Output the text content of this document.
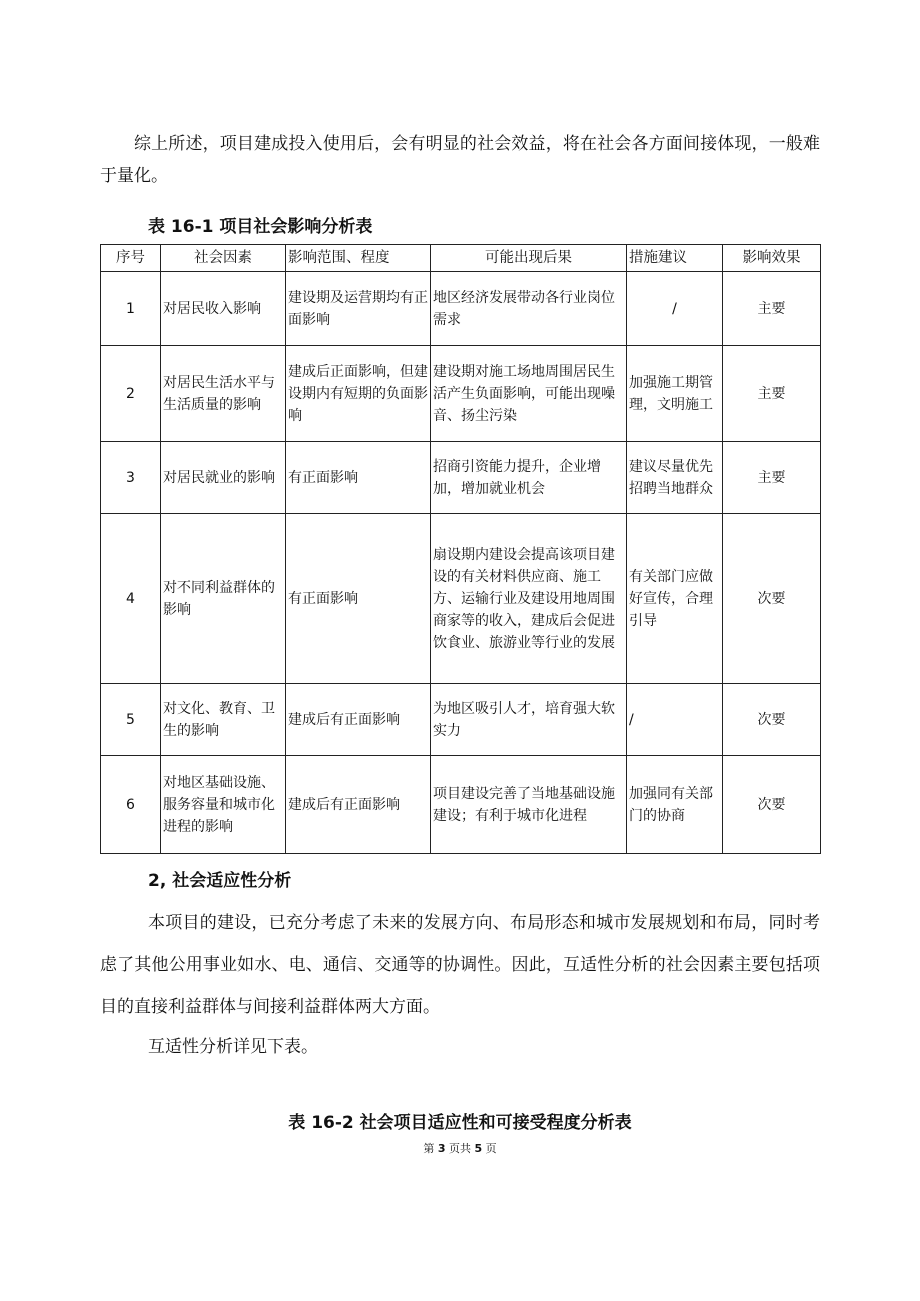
综上所述，项目建成投入使用后，会有明显的社会效益，将在社会各方面间接体现，一般难于量化。

表 16-1 项目社会影响分析表
序号	社会因素	影响范围、程度	可能出现后果	措施建议	影响效果
1	对居民收入影响	建设期及运营期均有正面影响	地区经济发展带动各行业岗位需求	/	主要
2	对居民生活水平与生活质量的影响	建成后正面影响，但建设期内有短期的负面影响	建设期对施工场地周围居民生活产生负面影响，可能出现噪音、扬尘污染	加强施工期管理，文明施工	主要
3	对居民就业的影响	有正面影响	招商引资能力提升，企业增加，增加就业机会	建议尽量优先招聘当地群众	主要
4	对不同利益群体的影响	有正面影响	扇设期内建设会提高该项目建设的有关材料供应商、施工方、运输行业及建设用地周围商家等的收入，建成后会促进饮食业、旅游业等行业的发展	有关部门应做好宣传，合理引导	次要
5	对文化、教育、卫生的影响	建成后有正面影响	为地区吸引人才，培育强大软实力	/	次要
6	对地区基础设施、服务容量和城市化进程的影响	建成后有正面影响	项目建设完善了当地基础设施建设；有利于城市化进程	加强同有关部门的协商	次要
2, 社会适应性分析

本项目的建设，已充分考虑了未来的发展方向、布局形态和城市发展规划和布局，同时考虑了其他公用事业如水、电、通信、交通等的协调性。因此，互适性分析的社会因素主要包括项目的直接利益群体与间接利益群体两大方面。

互适性分析详见下表。

表 16-2 社会项目适应性和可接受程度分析表
第 3 页共 5 页
